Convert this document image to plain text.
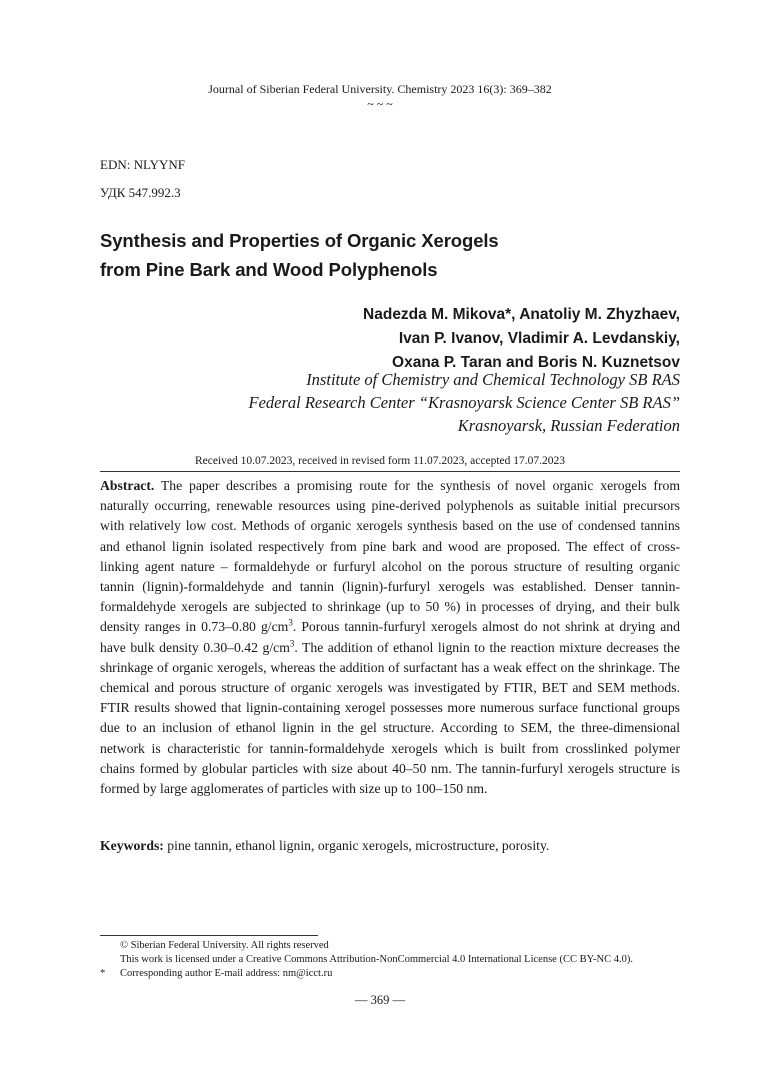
Journal of Siberian Federal University. Chemistry 2023 16(3): 369–382
~ ~ ~
EDN: NLYYNF
УДК 547.992.3
Synthesis and Properties of Organic Xerogels
from Pine Bark and Wood Polyphenols
Nadezda M. Mikova*, Anatoliy M. Zhyzhaev,
Ivan P. Ivanov, Vladimir A. Levdanskiy,
Oxana P. Taran and Boris N. Kuznetsov
Institute of Chemistry and Chemical Technology SB RAS
Federal Research Center “Krasnoyarsk Science Center SB RAS”
Krasnoyarsk, Russian Federation
Received 10.07.2023, received in revised form 11.07.2023, accepted 17.07.2023
Abstract. The paper describes a promising route for the synthesis of novel organic xerogels from naturally occurring, renewable resources using pine-derived polyphenols as suitable initial precursors with relatively low cost. Methods of organic xerogels synthesis based on the use of condensed tannins and ethanol lignin isolated respectively from pine bark and wood are proposed. The effect of cross-linking agent nature – formaldehyde or furfuryl alcohol on the porous structure of resulting organic tannin (lignin)-formaldehyde and tannin (lignin)-furfuryl xerogels was established. Denser tannin-formaldehyde xerogels are subjected to shrinkage (up to 50 %) in processes of drying, and their bulk density ranges in 0.73–0.80 $g/cm^3$. Porous tannin-furfuryl xerogels almost do not shrink at drying and have bulk density 0.30–0.42 $g/cm^3$. The addition of ethanol lignin to the reaction mixture decreases the shrinkage of organic xerogels, whereas the addition of surfactant has a weak effect on the shrinkage. The chemical and porous structure of organic xerogels was investigated by FTIR, BET and SEM methods. FTIR results showed that lignin-containing xerogel possesses more numerous surface functional groups due to an inclusion of ethanol lignin in the gel structure. According to SEM, the three-dimensional network is characteristic for tannin-formaldehyde xerogels which is built from crosslinked polymer chains formed by globular particles with size about 40–50 nm. The tannin-furfuryl xerogels structure is formed by large agglomerates of particles with size up to 100–150 nm.
Keywords: pine tannin, ethanol lignin, organic xerogels, microstructure, porosity.
© Siberian Federal University. All rights reserved
This work is licensed under a Creative Commons Attribution-NonCommercial 4.0 International License (CC BY-NC 4.0).
*	Corresponding author E-mail address: nm@icct.ru
— 369 —
